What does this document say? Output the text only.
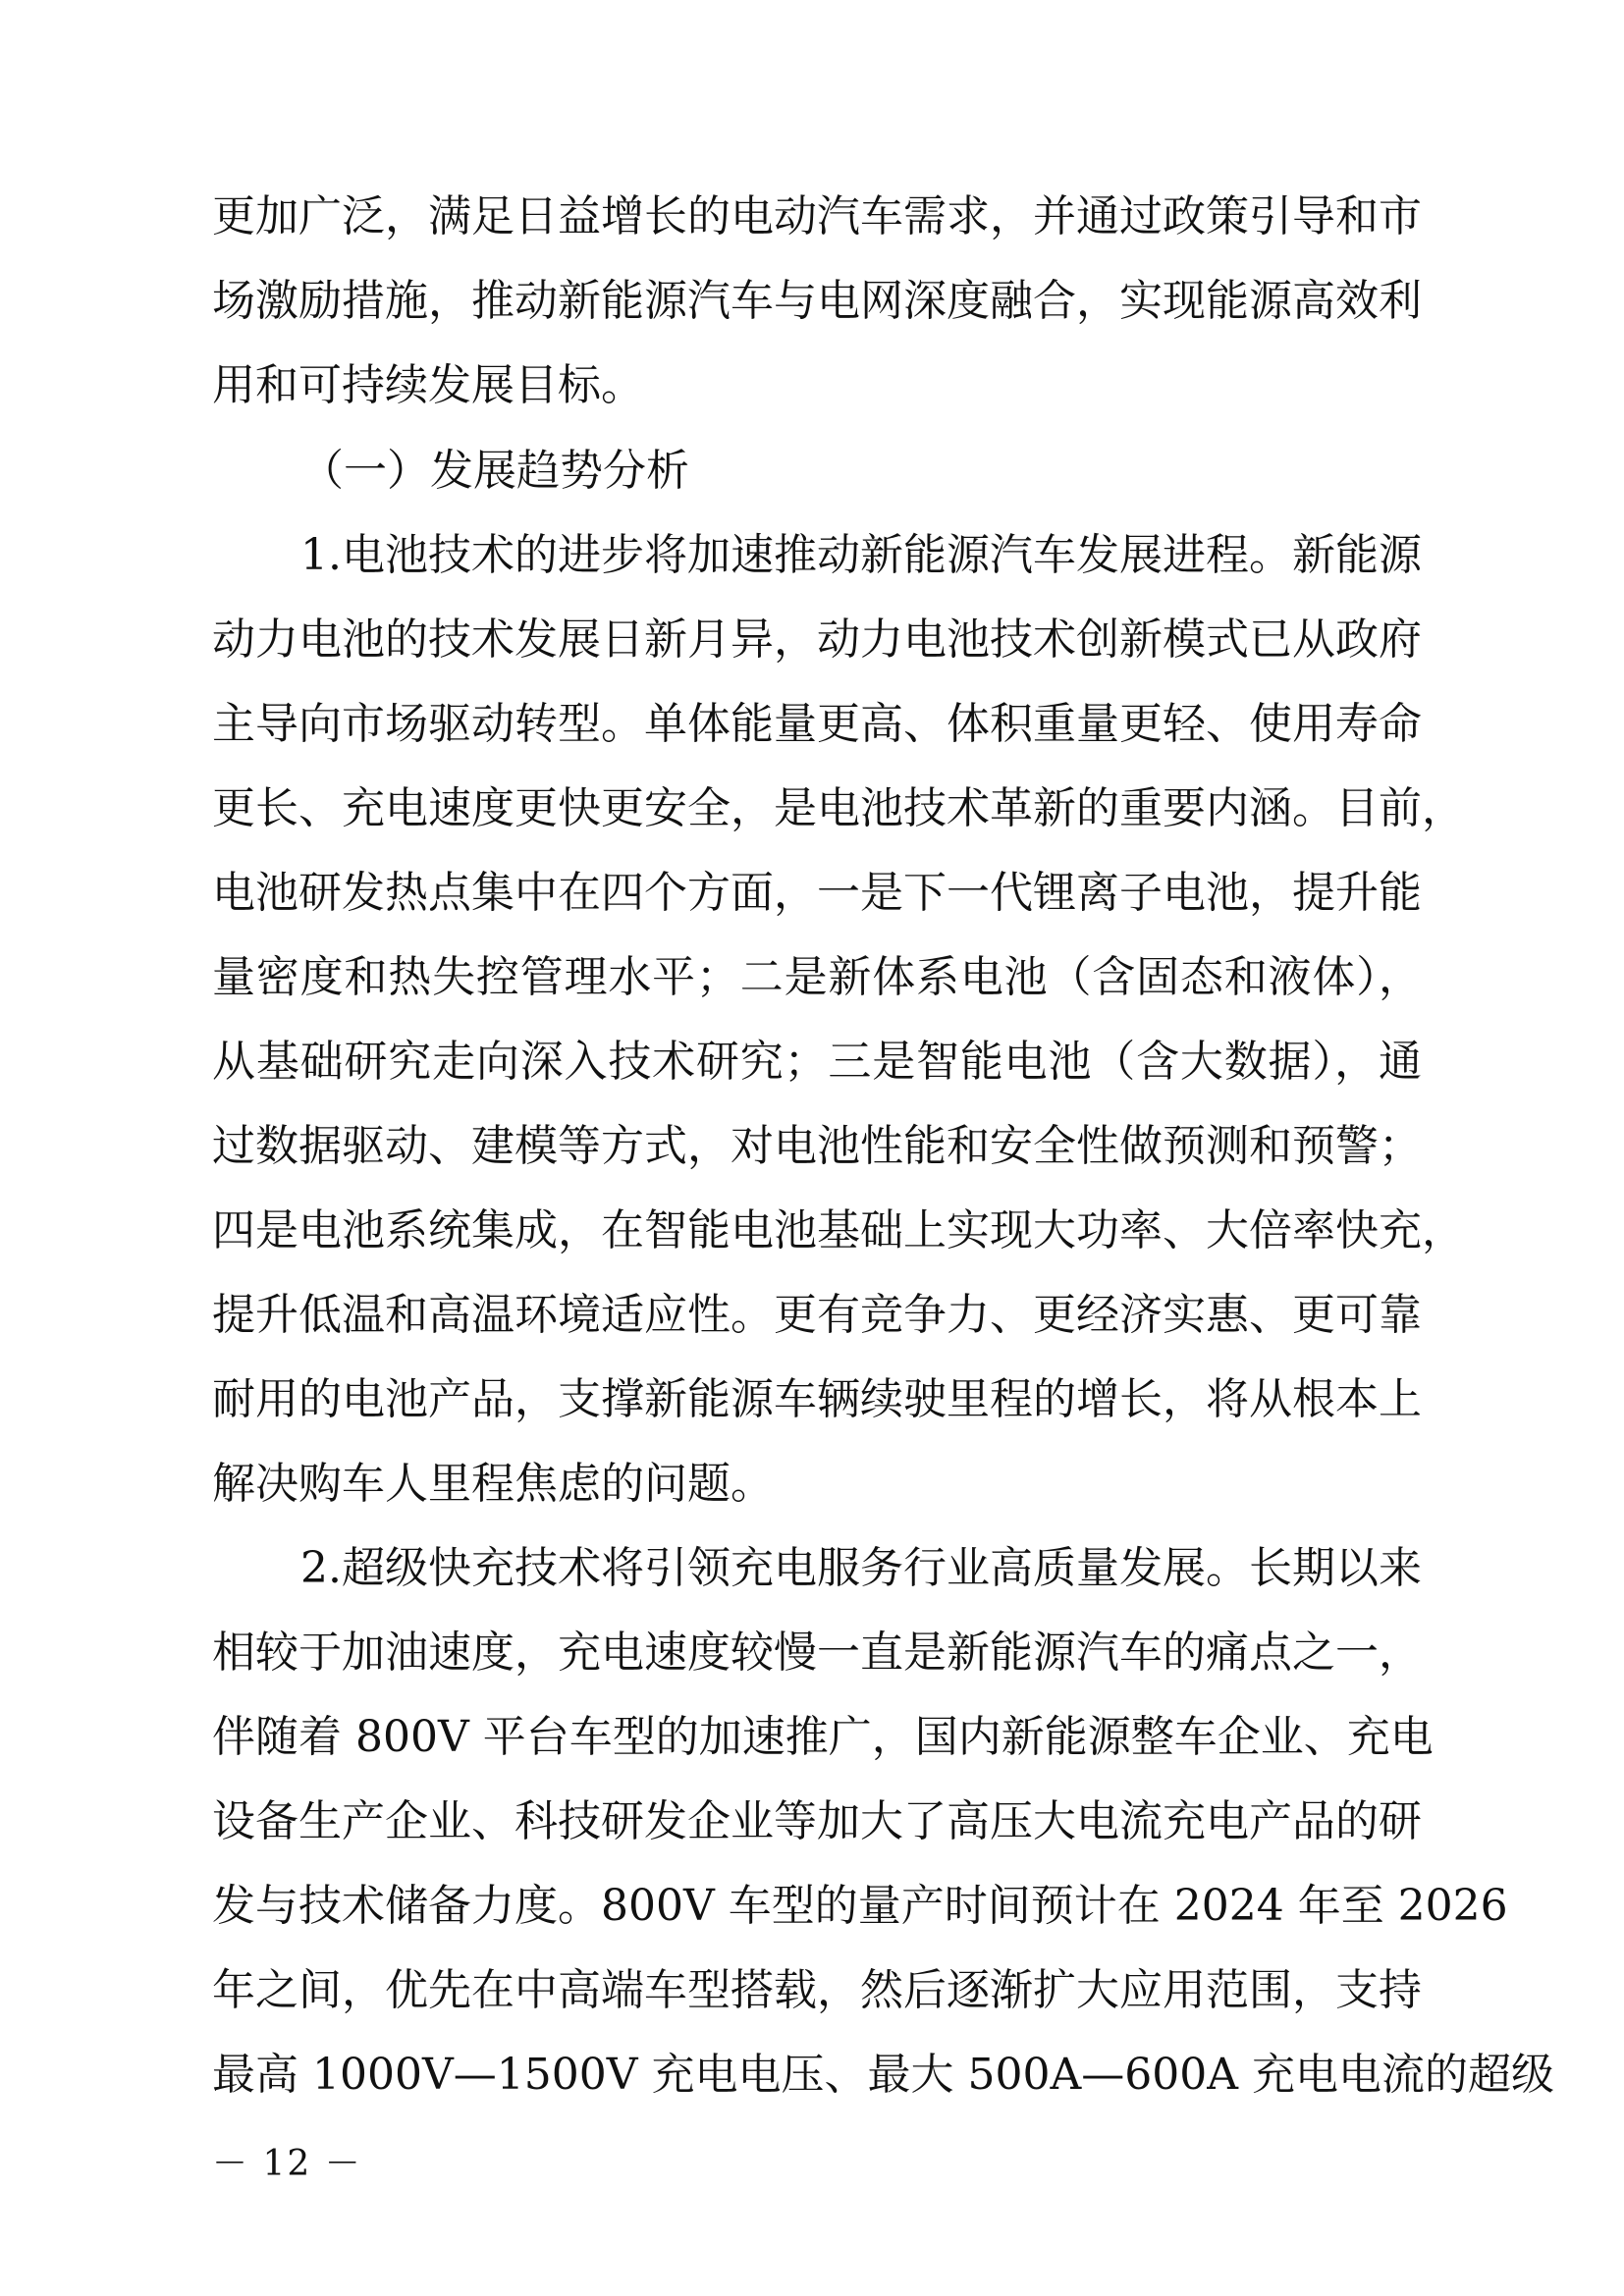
更加广泛，满足日益增长的电动汽车需求，并通过政策引导和市
场激励措施，推动新能源汽车与电网深度融合，实现能源高效利
用和可持续发展目标。
（一）发展趋势分析
1.电池技术的进步将加速推动新能源汽车发展进程。新能源
动力电池的技术发展日新月异，动力电池技术创新模式已从政府
主导向市场驱动转型。单体能量更高、体积重量更轻、使用寿命
更长、充电速度更快更安全，是电池技术革新的重要内涵。目前，
电池研发热点集中在四个方面，一是下一代锂离子电池，提升能
量密度和热失控管理水平；二是新体系电池（含固态和液体），
从基础研究走向深入技术研究；三是智能电池（含大数据），通
过数据驱动、建模等方式，对电池性能和安全性做预测和预警；
四是电池系统集成，在智能电池基础上实现大功率、大倍率快充，
提升低温和高温环境适应性。更有竞争力、更经济实惠、更可靠
耐用的电池产品，支撑新能源车辆续驶里程的增长，将从根本上
解决购车人里程焦虑的问题。
2.超级快充技术将引领充电服务行业高质量发展。长期以来
相较于加油速度，充电速度较慢一直是新能源汽车的痛点之一，
伴随着 800V 平台车型的加速推广，国内新能源整车企业、充电
设备生产企业、科技研发企业等加大了高压大电流充电产品的研
发与技术储备力度。800V 车型的量产时间预计在 2024 年至 2026
年之间，优先在中高端车型搭载，然后逐渐扩大应用范围，支持
最高 1000V—1500V 充电电压、最大 500A—600A 充电电流的超级
－ 12 －
